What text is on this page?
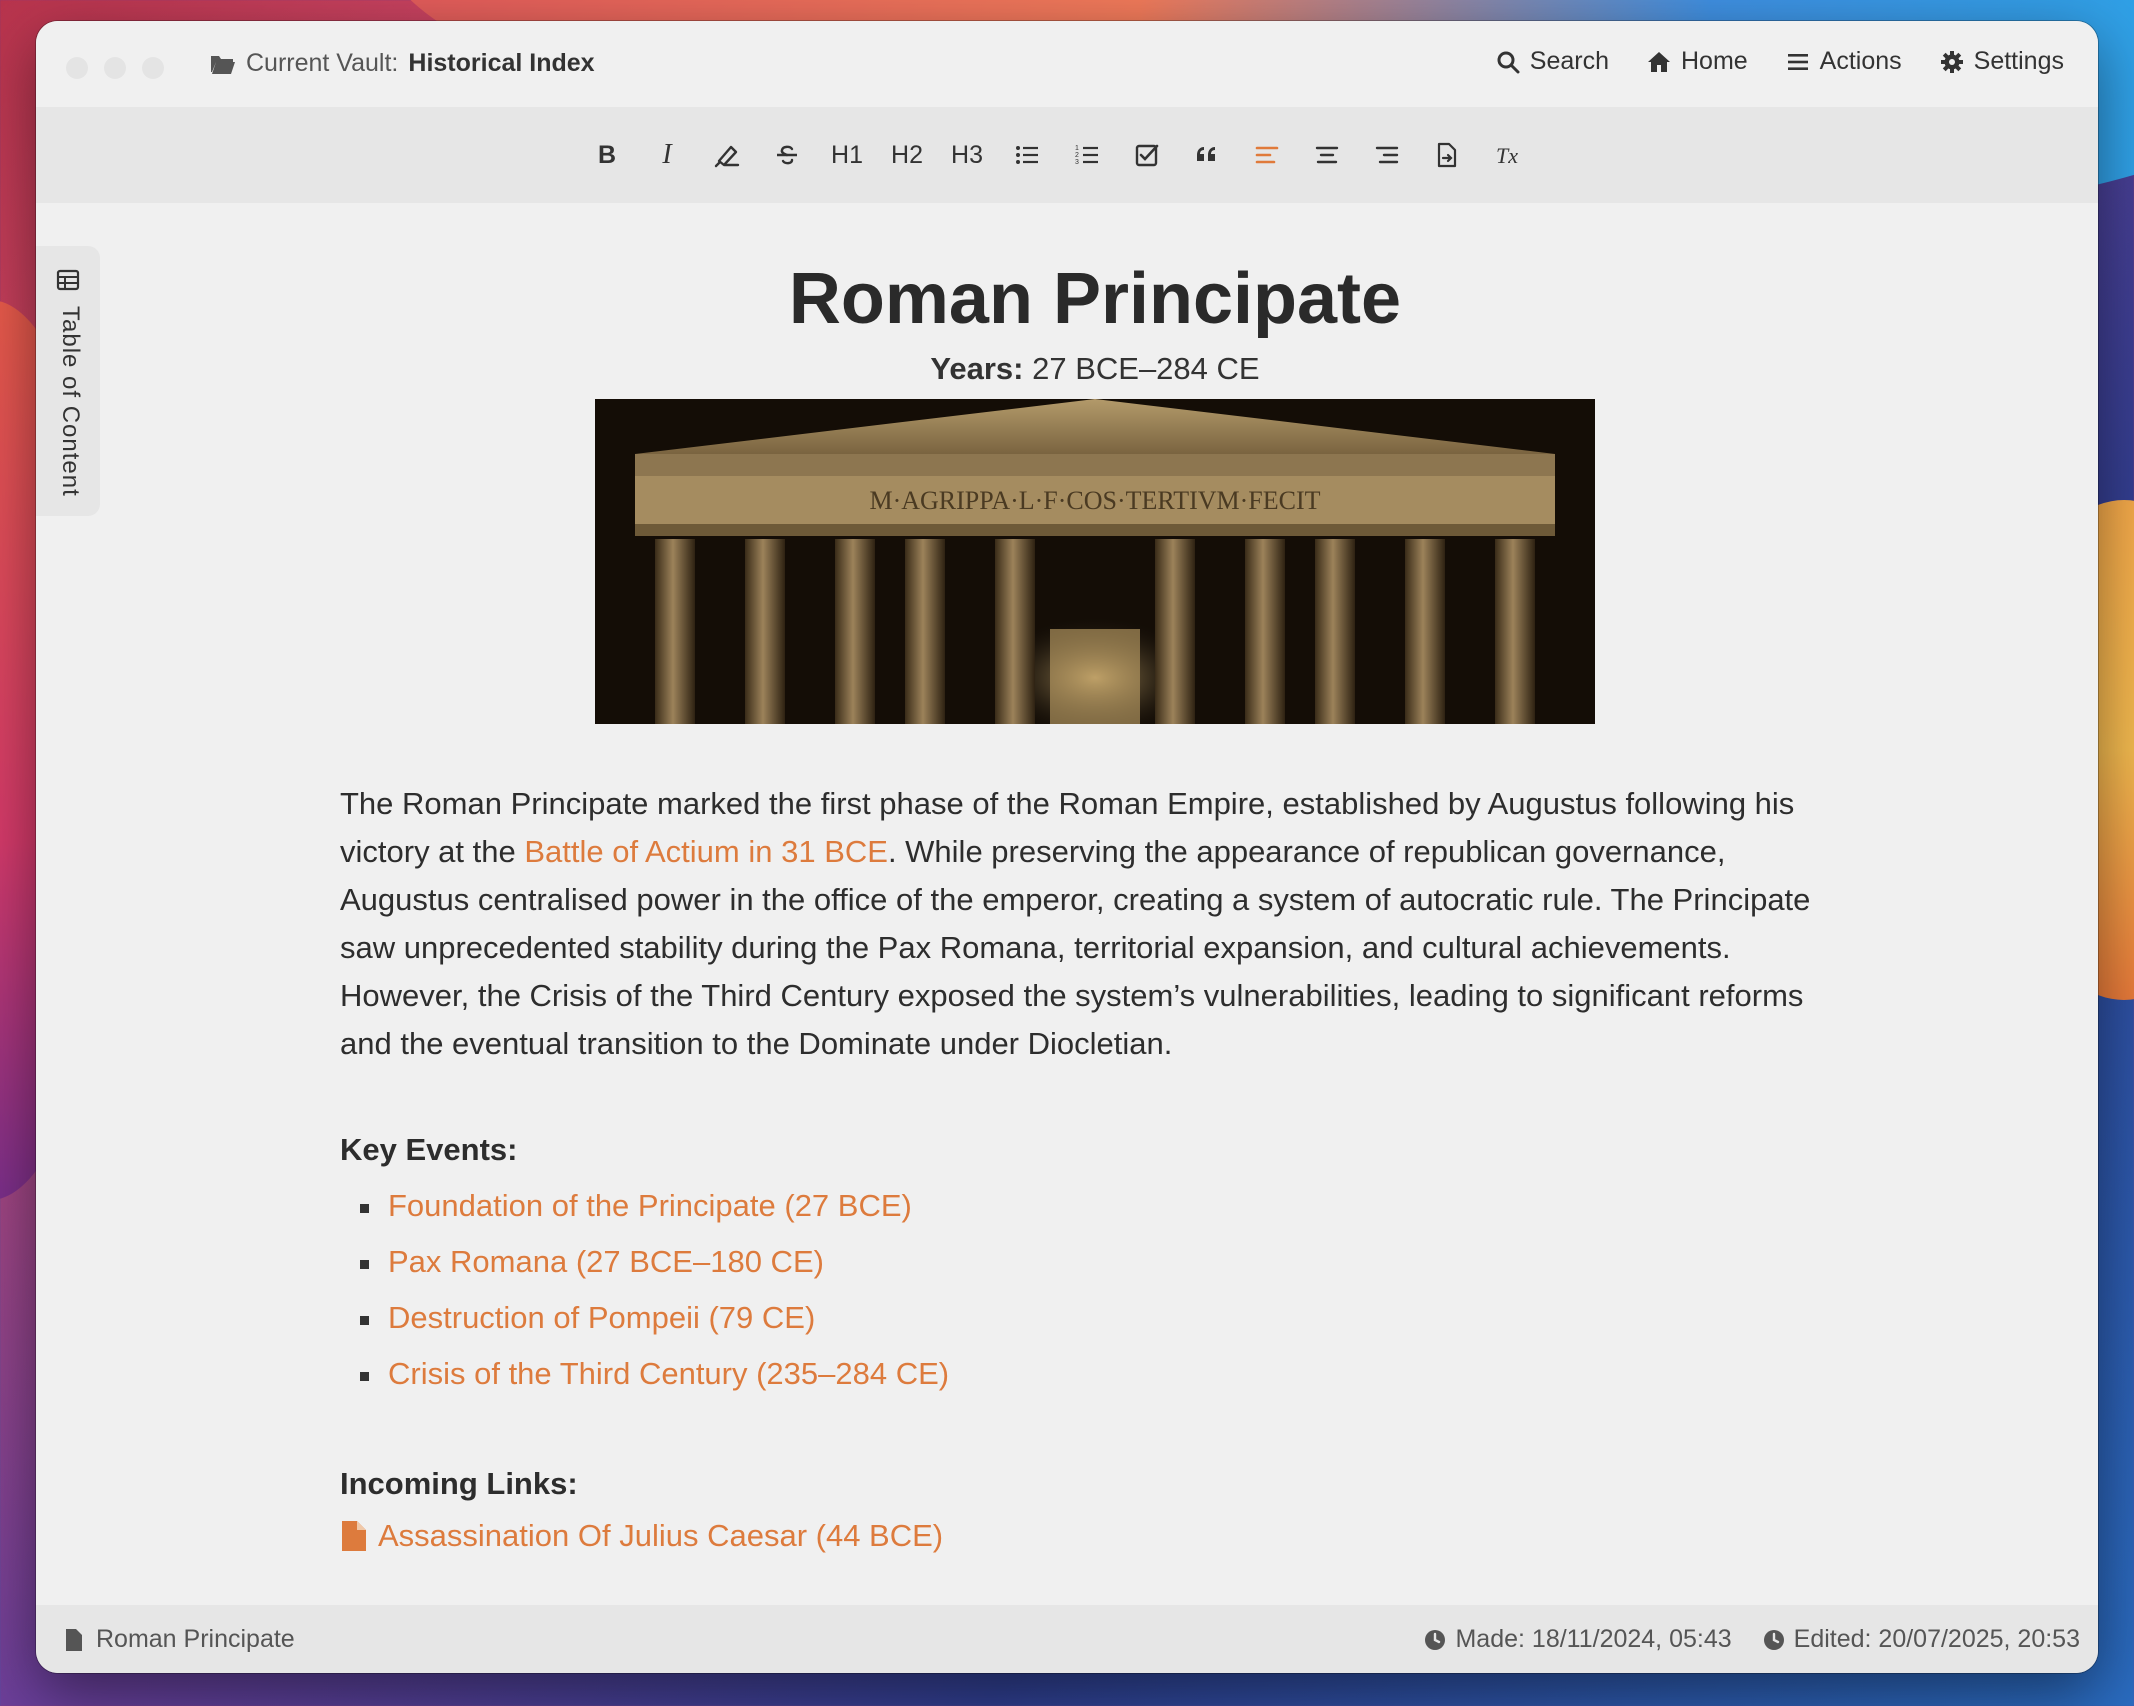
Current Vault: Historical Index	Search	Home	Actions	Settings
B	I	H1	H2	H3	1
2
3	Tx
Table of Content
Roman Principate
Years: 27 BCE–284 CE
M·AGRIPPA·L·F·COS·TERTIVM·FECIT
The Roman Principate marked the first phase of the Roman Empire, established by Augustus following his victory at the Battle of Actium in 31 BCE. While preserving the appearance of republican governance, Augustus centralised power in the office of the emperor, creating a system of autocratic rule. The Principate saw unprecedented stability during the Pax Romana, territorial expansion, and cultural achievements. However, the Crisis of the Third Century exposed the system’s vulnerabilities, leading to significant reforms and the eventual transition to the Dominate under Diocletian.
Key Events:
Foundation of the Principate (27 BCE)
Pax Romana (27 BCE–180 CE)
Destruction of Pompeii (79 CE)
Crisis of the Third Century (235–284 CE)
Incoming Links:
Assassination Of Julius Caesar (44 BCE)
Roman Principate	Made: 18/11/2024, 05:43 Edited: 20/07/2025, 20:53
